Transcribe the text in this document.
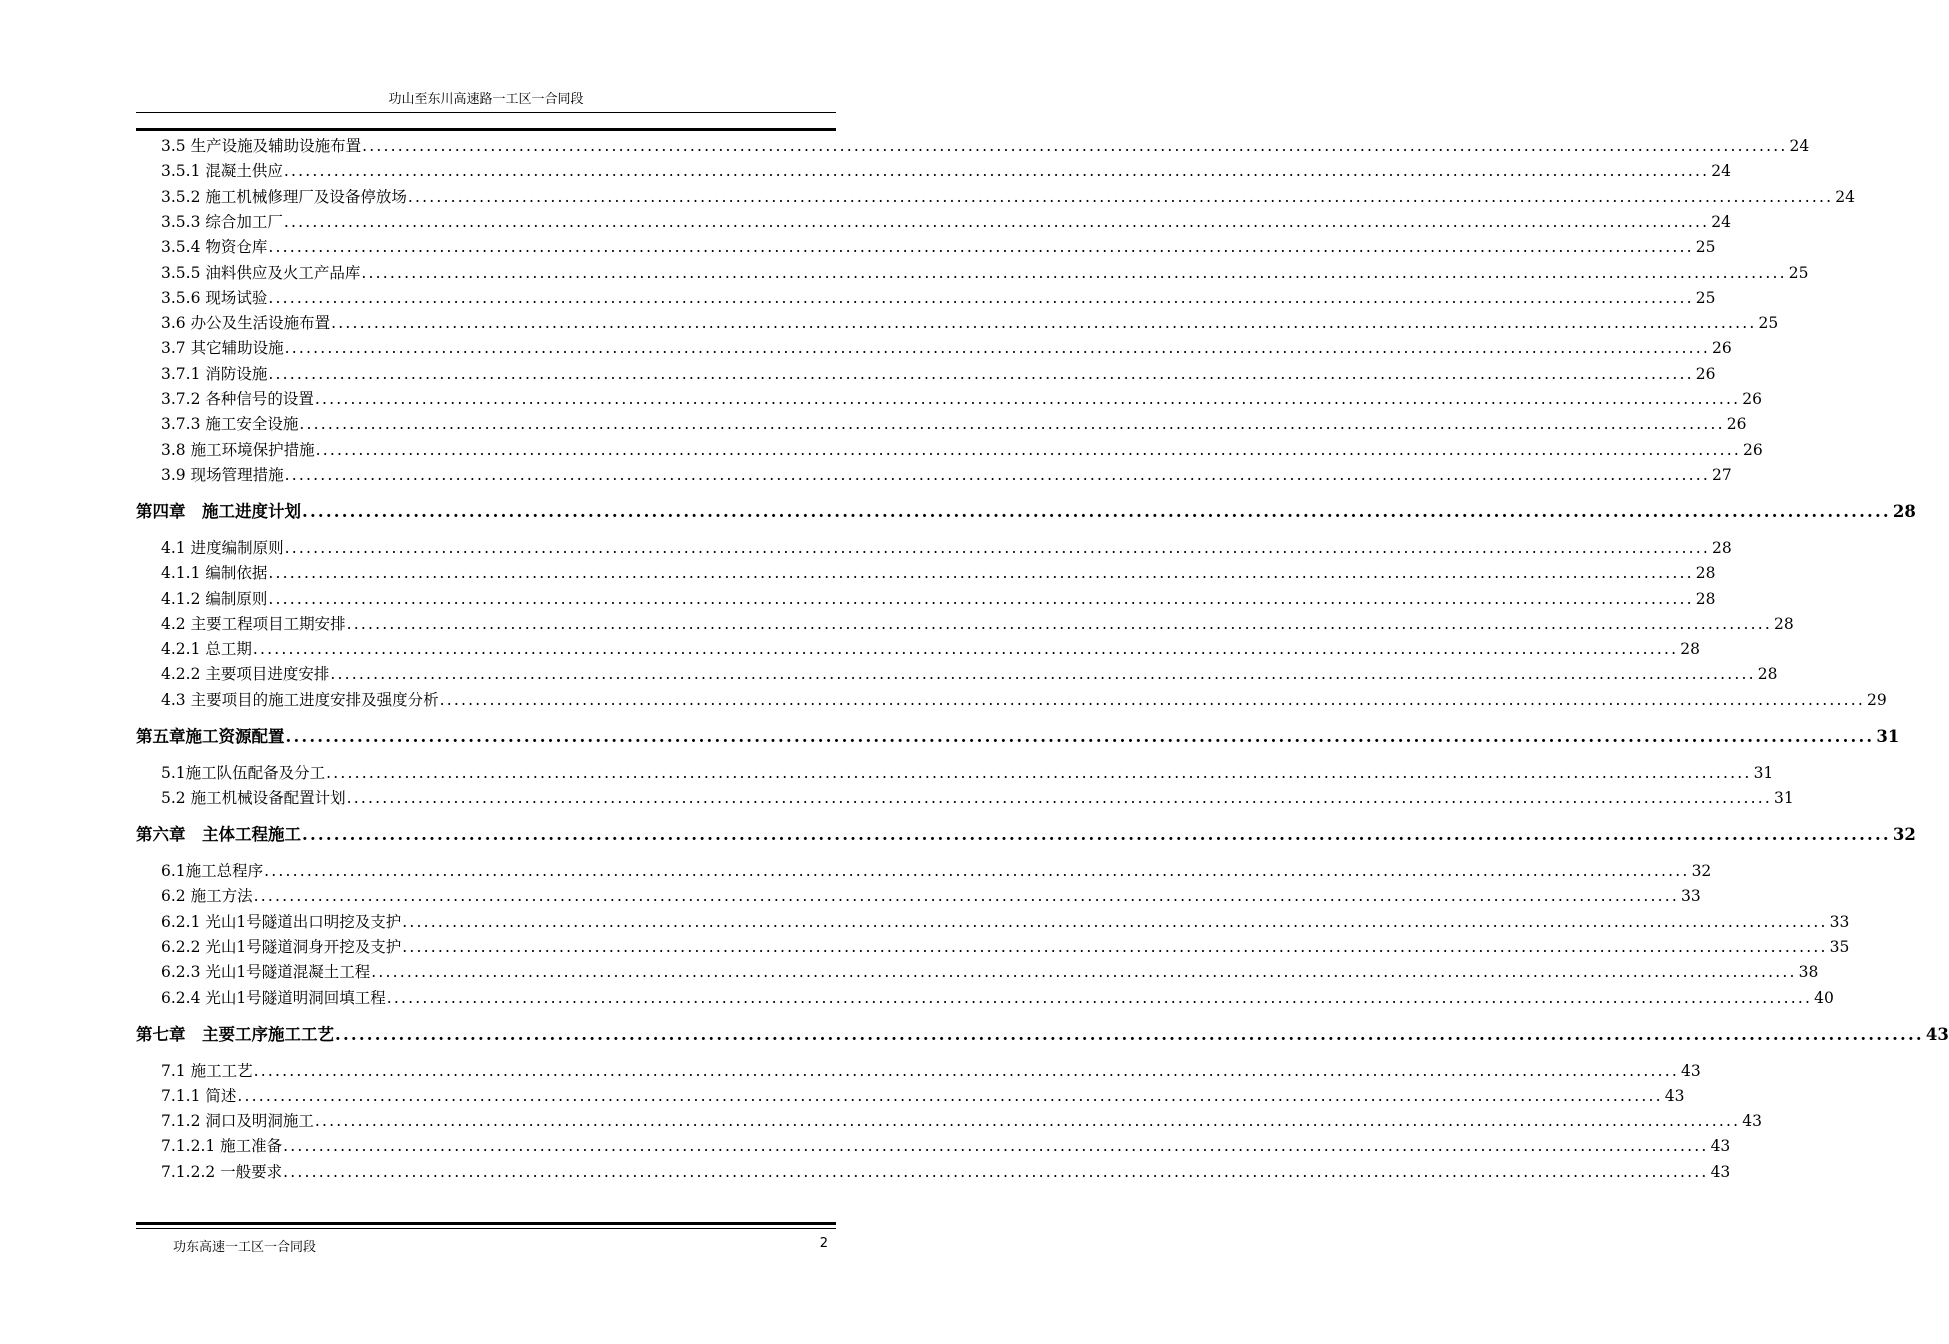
功山至东川高速路一工区一合同段
3.5 生产设施及辅助设施布置 ........................................................................................................................................................................................................ 24
3.5.1 混凝土供应 ........................................................................................................................................................................................................ 24
3.5.2 施工机械修理厂及设备停放场 ........................................................................................................................................................................................................ 24
3.5.3 综合加工厂 ........................................................................................................................................................................................................ 24
3.5.4 物资仓库 ........................................................................................................................................................................................................ 25
3.5.5 油料供应及火工产品库 ........................................................................................................................................................................................................ 25
3.5.6 现场试验 ........................................................................................................................................................................................................ 25
3.6 办公及生活设施布置 ........................................................................................................................................................................................................ 25
3.7 其它辅助设施 ........................................................................................................................................................................................................ 26
3.7.1 消防设施 ........................................................................................................................................................................................................ 26
3.7.2 各种信号的设置 ........................................................................................................................................................................................................ 26
3.7.3 施工安全设施 ........................................................................................................................................................................................................ 26
3.8 施工环境保护措施 ........................................................................................................................................................................................................ 26
3.9 现场管理措施 ........................................................................................................................................................................................................ 27
第四章　施工进度计划 ........................................................................................................................................................................................................ 28
4.1 进度编制原则 ........................................................................................................................................................................................................ 28
4.1.1 编制依据 ........................................................................................................................................................................................................ 28
4.1.2 编制原则 ........................................................................................................................................................................................................ 28
4.2 主要工程项目工期安排 ........................................................................................................................................................................................................ 28
4.2.1 总工期 ........................................................................................................................................................................................................ 28
4.2.2 主要项目进度安排 ........................................................................................................................................................................................................ 28
4.3 主要项目的施工进度安排及强度分析 ........................................................................................................................................................................................................ 29
第五章施工资源配置 ........................................................................................................................................................................................................ 31
5.1施工队伍配备及分工 ........................................................................................................................................................................................................ 31
5.2 施工机械设备配置计划 ........................................................................................................................................................................................................ 31
第六章　主体工程施工 ........................................................................................................................................................................................................ 32
6.1施工总程序 ........................................................................................................................................................................................................ 32
6.2 施工方法 ........................................................................................................................................................................................................ 33
6.2.1 光山1号隧道出口明挖及支护 ........................................................................................................................................................................................................ 33
6.2.2 光山1号隧道洞身开挖及支护 ........................................................................................................................................................................................................ 35
6.2.3 光山1号隧道混凝土工程 ........................................................................................................................................................................................................ 38
6.2.4 光山1号隧道明洞回填工程 ........................................................................................................................................................................................................ 40
第七章　主要工序施工工艺 ........................................................................................................................................................................................................ 43
7.1 施工工艺 ........................................................................................................................................................................................................ 43
7.1.1 简述 ........................................................................................................................................................................................................ 43
7.1.2 洞口及明洞施工 ........................................................................................................................................................................................................ 43
7.1.2.1 施工准备 ........................................................................................................................................................................................................ 43
7.1.2.2 一般要求 ........................................................................................................................................................................................................ 43
功东高速一工区一合同段	2
